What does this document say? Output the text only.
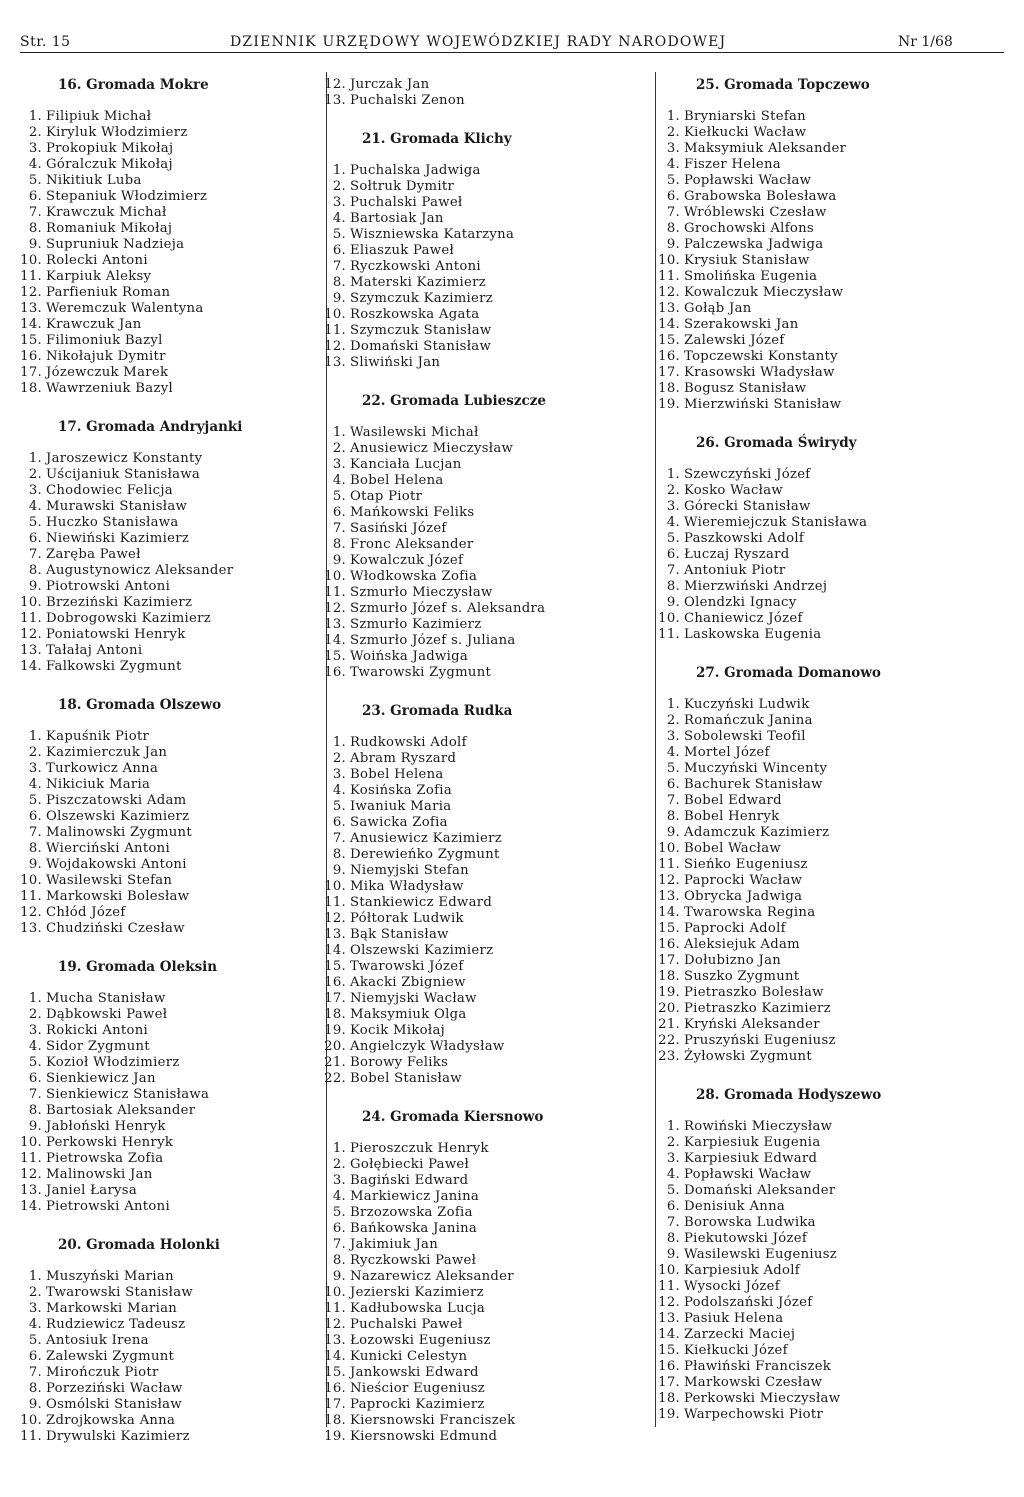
Str. 15	DZIENNIK URZĘDOWY WOJEWÓDZKIEJ RADY NARODOWEJ	Nr 1/68
16. Gromada Mokre
1. Filipiuk Michał
2. Kiryluk Włodzimierz
3. Prokopiuk Mikołaj
4. Góralczuk Mikołaj
5. Nikitiuk Luba
6. Stepaniuk Włodzimierz
7. Krawczuk Michał
8. Romaniuk Mikołaj
9. Supruniuk Nadzieja
10. Rolecki Antoni
11. Karpiuk Aleksy
12. Parfieniuk Roman
13. Weremczuk Walentyna
14. Krawczuk Jan
15. Filimoniuk Bazyl
16. Nikołajuk Dymitr
17. Józewczuk Marek
18. Wawrzeniuk Bazyl
17. Gromada Andryjanki
1. Jaroszewicz Konstanty
2. Uścijaniuk Stanisława
3. Chodowiec Felicja
4. Murawski Stanisław
5. Huczko Stanisława
6. Niewiński Kazimierz
7. Zaręba Paweł
8. Augustynowicz Aleksander
9. Piotrowski Antoni
10. Brzeziński Kazimierz
11. Dobrogowski Kazimierz
12. Poniatowski Henryk
13. Tałałaj Antoni
14. Falkowski Zygmunt
18. Gromada Olszewo
1. Kapuśnik Piotr
2. Kazimierczuk Jan
3. Turkowicz Anna
4. Nikiciuk Maria
5. Piszczatowski Adam
6. Olszewski Kazimierz
7. Malinowski Zygmunt
8. Wierciński Antoni
9. Wojdakowski Antoni
10. Wasilewski Stefan
11. Markowski Bolesław
12. Chłód Józef
13. Chudziński Czesław
19. Gromada Oleksin
1. Mucha Stanisław
2. Dąbkowski Paweł
3. Rokicki Antoni
4. Sidor Zygmunt
5. Kozioł Włodzimierz
6. Sienkiewicz Jan
7. Sienkiewicz Stanisława
8. Bartosiak Aleksander
9. Jabłoński Henryk
10. Perkowski Henryk
11. Pietrowska Zofia
12. Malinowski Jan
13. Janiel Łarysa
14. Pietrowski Antoni
20. Gromada Holonki
1. Muszyński Marian
2. Twarowski Stanisław
3. Markowski Marian
4. Rudziewicz Tadeusz
5. Antosiuk Irena
6. Zalewski Zygmunt
7. Mirończuk Piotr
8. Porzeziński Wacław
9. Osmólski Stanisław
10. Zdrojkowska Anna
11. Drywulski Kazimierz
12. Jurczak Jan
13. Puchalski Zenon
21. Gromada Klichy
1. Puchalska Jadwiga
2. Sołtruk Dymitr
3. Puchalski Paweł
4. Bartosiak Jan
5. Wiszniewska Katarzyna
6. Eliaszuk Paweł
7. Ryczkowski Antoni
8. Materski Kazimierz
9. Szymczuk Kazimierz
10. Roszkowska Agata
11. Szymczuk Stanisław
12. Domański Stanisław
13. Sliwiński Jan
22. Gromada Lubieszcze
1. Wasilewski Michał
2. Anusiewicz Mieczysław
3. Kanciała Lucjan
4. Bobel Helena
5. Otap Piotr
6. Mańkowski Feliks
7. Sasiński Józef
8. Fronc Aleksander
9. Kowalczuk Józef
10. Włodkowska Zofia
11. Szmurło Mieczysław
12. Szmurło Józef s. Aleksandra
13. Szmurło Kazimierz
14. Szmurło Józef s. Juliana
15. Woińska Jadwiga
16. Twarowski Zygmunt
23. Gromada Rudka
1. Rudkowski Adolf
2. Abram Ryszard
3. Bobel Helena
4. Kosińska Zofia
5. Iwaniuk Maria
6. Sawicka Zofia
7. Anusiewicz Kazimierz
8. Derewieńko Zygmunt
9. Niemyjski Stefan
10. Mika Władysław
11. Stankiewicz Edward
12. Półtorak Ludwik
13. Bąk Stanisław
14. Olszewski Kazimierz
15. Twarowski Józef
16. Akacki Zbigniew
17. Niemyjski Wacław
18. Maksymiuk Olga
19. Kocik Mikołaj
20. Angielczyk Władysław
21. Borowy Feliks
22. Bobel Stanisław
24. Gromada Kiersnowo
1. Pieroszczuk Henryk
2. Gołębiecki Paweł
3. Bagiński Edward
4. Markiewicz Janina
5. Brzozowska Zofia
6. Bańkowska Janina
7. Jakimiuk Jan
8. Ryczkowski Paweł
9. Nazarewicz Aleksander
10. Jezierski Kazimierz
11. Kadłubowska Lucja
12. Puchalski Paweł
13. Łozowski Eugeniusz
14. Kunicki Celestyn
15. Jankowski Edward
16. Nieścior Eugeniusz
17. Paprocki Kazimierz
18. Kiersnowski Franciszek
19. Kiersnowski Edmund
25. Gromada Topczewo
1. Bryniarski Stefan
2. Kiełkucki Wacław
3. Maksymiuk Aleksander
4. Fiszer Helena
5. Popławski Wacław
6. Grabowska Bolesława
7. Wróblewski Czesław
8. Grochowski Alfons
9. Palczewska Jadwiga
10. Krysiuk Stanisław
11. Smolińska Eugenia
12. Kowalczuk Mieczysław
13. Gołąb Jan
14. Szerakowski Jan
15. Zalewski Józef
16. Topczewski Konstanty
17. Krasowski Władysław
18. Bogusz Stanisław
19. Mierzwiński Stanisław
26. Gromada Świrydy
1. Szewczyński Józef
2. Kosko Wacław
3. Górecki Stanisław
4. Wieremiejczuk Stanisława
5. Paszkowski Adolf
6. Łuczaj Ryszard
7. Antoniuk Piotr
8. Mierzwiński Andrzej
9. Olendzki Ignacy
10. Chaniewicz Józef
11. Laskowska Eugenia
27. Gromada Domanowo
1. Kuczyński Ludwik
2. Romańczuk Janina
3. Sobolewski Teofil
4. Mortel Józef
5. Muczyński Wincenty
6. Bachurek Stanisław
7. Bobel Edward
8. Bobel Henryk
9. Adamczuk Kazimierz
10. Bobel Wacław
11. Sieńko Eugeniusz
12. Paprocki Wacław
13. Obrycka Jadwiga
14. Twarowska Regina
15. Paprocki Adolf
16. Aleksiejuk Adam
17. Dołubizno Jan
18. Suszko Zygmunt
19. Pietraszko Bolesław
20. Pietraszko Kazimierz
21. Kryński Aleksander
22. Pruszyński Eugeniusz
23. Żyłowski Zygmunt
28. Gromada Hodyszewo
1. Rowiński Mieczysław
2. Karpiesiuk Eugenia
3. Karpiesiuk Edward
4. Popławski Wacław
5. Domański Aleksander
6. Denisiuk Anna
7. Borowska Ludwika
8. Piekutowski Józef
9. Wasilewski Eugeniusz
10. Karpiesiuk Adolf
11. Wysocki Józef
12. Podolszański Józef
13. Pasiuk Helena
14. Zarzecki Maciej
15. Kiełkucki Józef
16. Pławiński Franciszek
17. Markowski Czesław
18. Perkowski Mieczysław
19. Warpechowski Piotr
